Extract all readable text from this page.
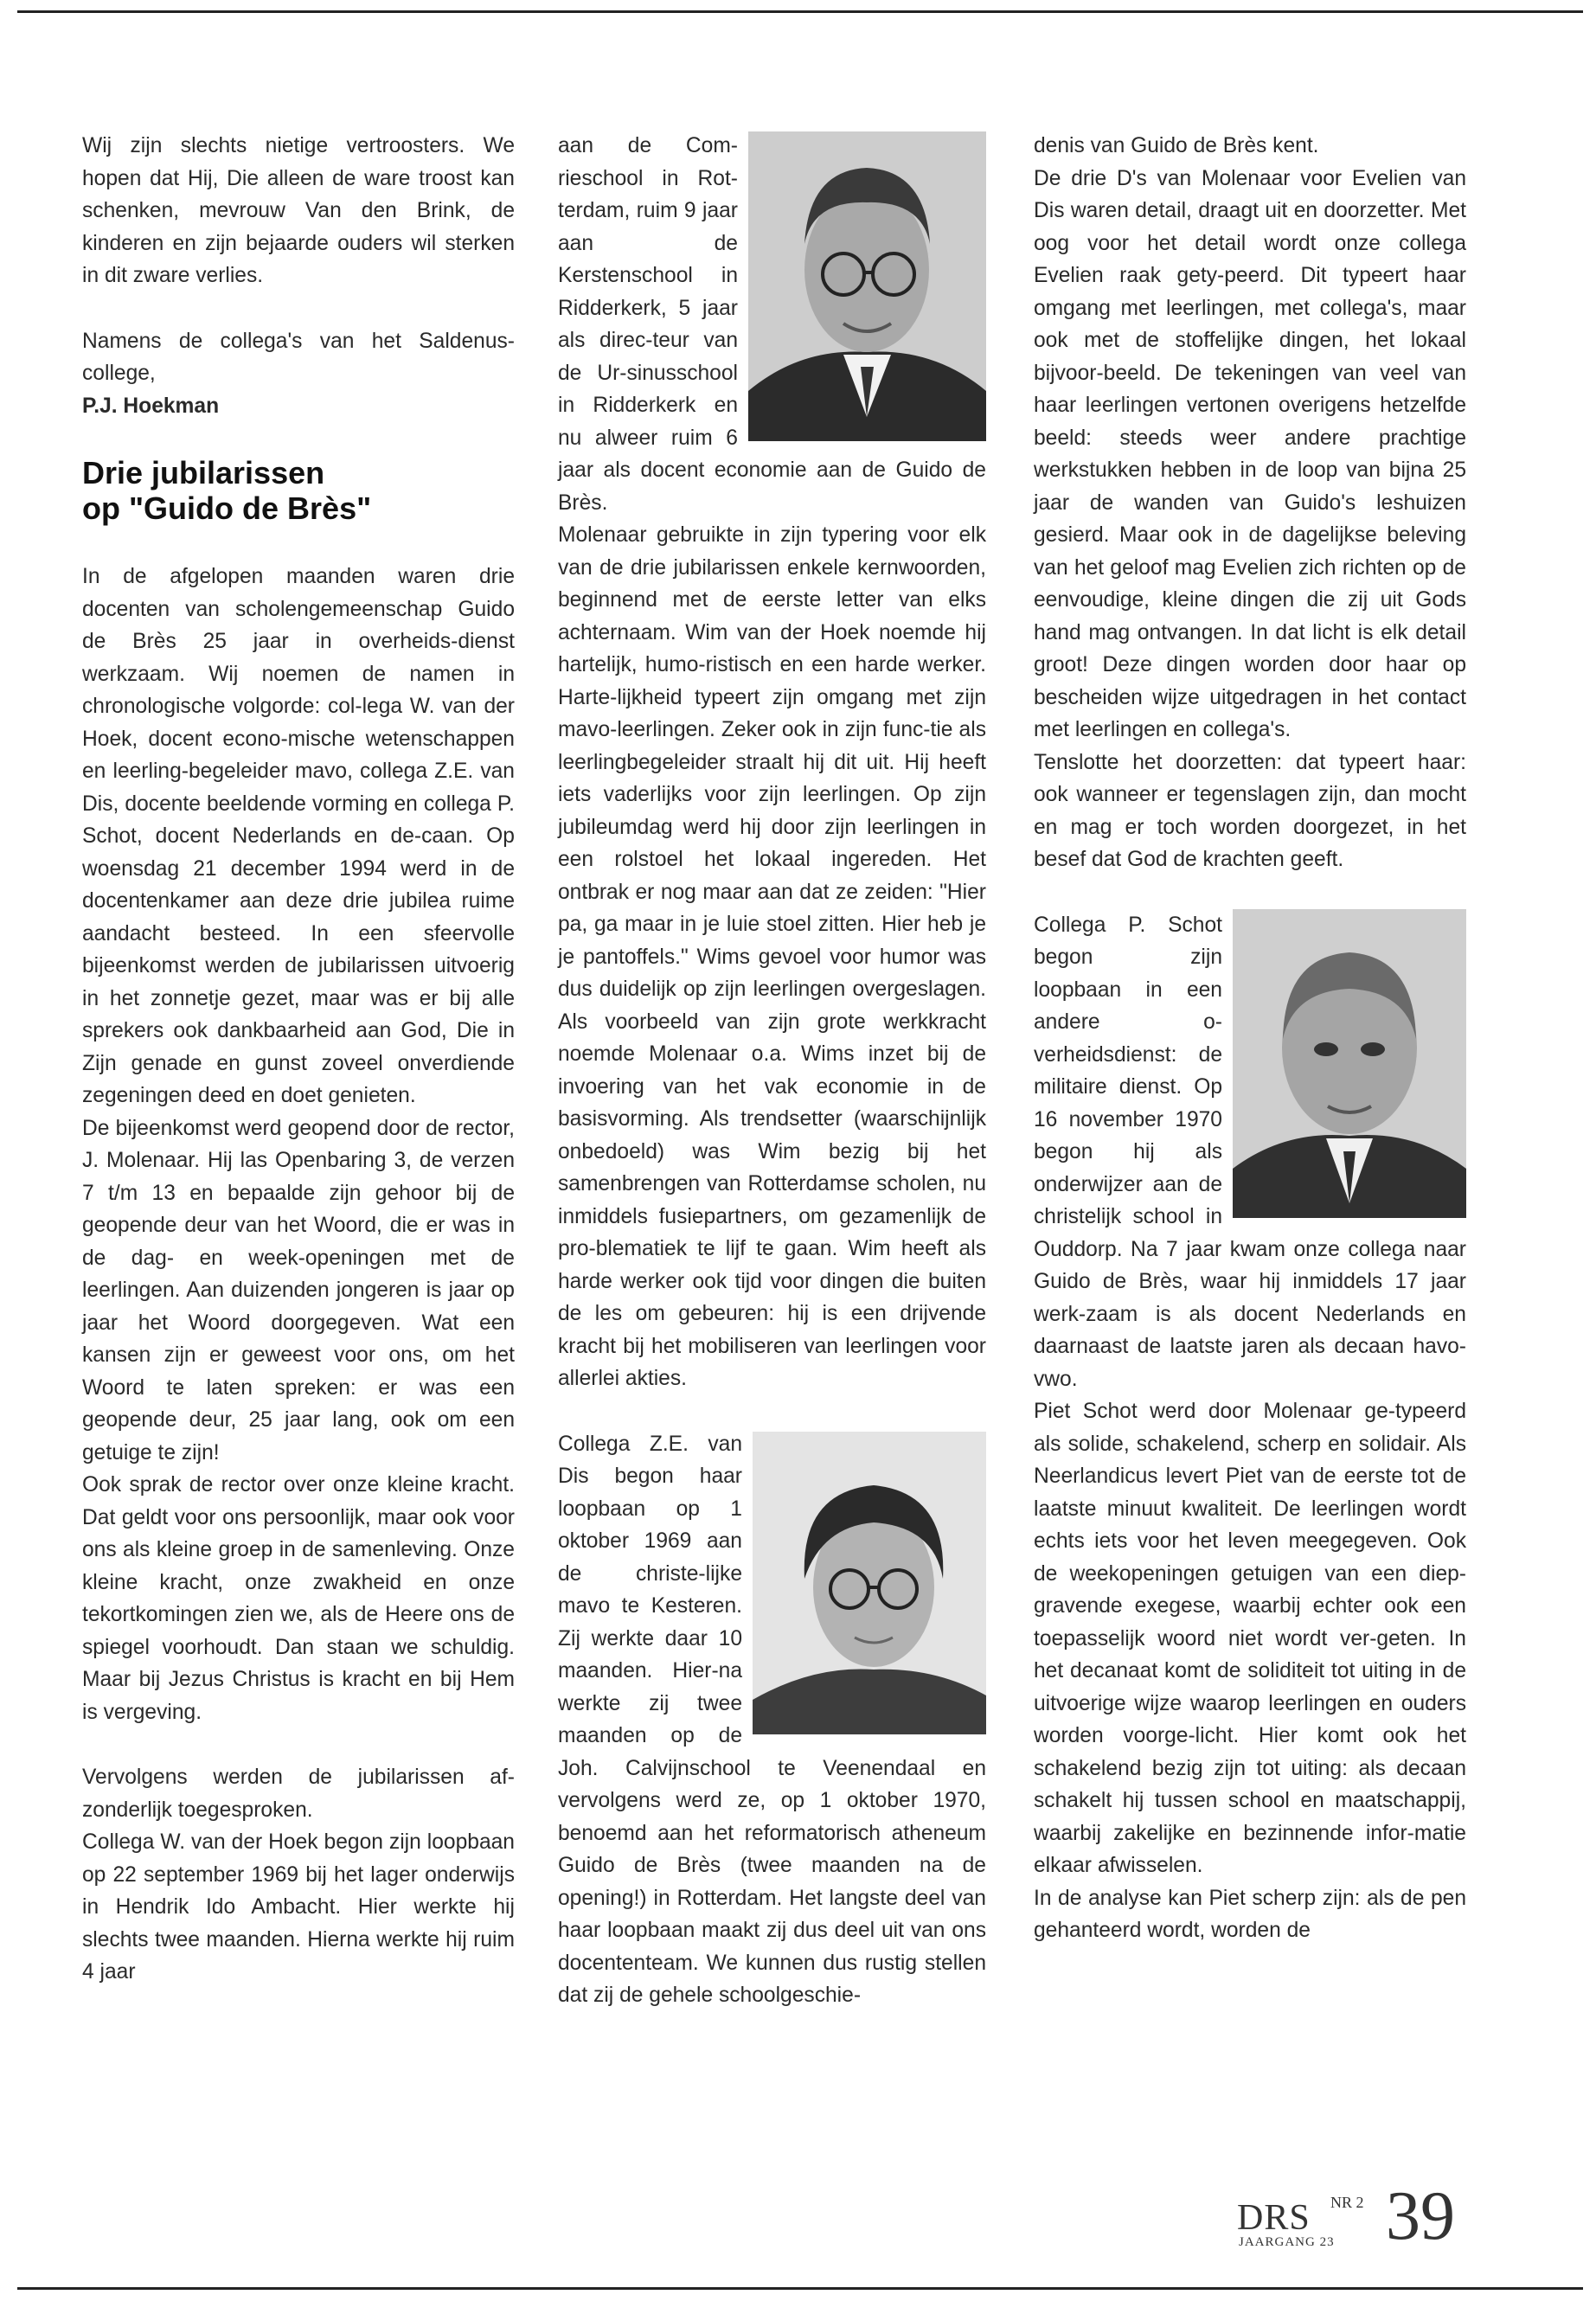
Wij zijn slechts nietige vertroosters. We hopen dat Hij, Die alleen de ware troost kan schenken, mevrouw Van den Brink, de kinderen en zijn bejaarde ouders wil sterken in dit zware verlies.

Namens de collega's van het Saldenus-college,

P.J. Hoekman

Drie jubilarissen
op "Guido de Brès"

In de afgelopen maanden waren drie docenten van scholengemeenschap Guido de Brès 25 jaar in overheids-dienst werkzaam. Wij noemen de namen in chronologische volgorde: col-lega W. van der Hoek, docent econo-mische wetenschappen en leerling-begeleider mavo, collega Z.E. van Dis, docente beeldende vorming en collega P. Schot, docent Nederlands en de-caan. Op woensdag 21 december 1994 werd in de docentenkamer aan deze drie jubilea ruime aandacht besteed. In een sfeervolle bijeenkomst werden de jubilarissen uitvoerig in het zonnetje gezet, maar was er bij alle sprekers ook dankbaarheid aan God, Die in Zijn genade en gunst zoveel onverdiende zegeningen deed en doet genieten.

De bijeenkomst werd geopend door de rector, J. Molenaar. Hij las Openbaring 3, de verzen 7 t/m 13 en bepaalde zijn gehoor bij de geopende deur van het Woord, die er was in de dag- en week-openingen met de leerlingen. Aan duizenden jongeren is jaar op jaar het Woord doorgegeven. Wat een kansen zijn er geweest voor ons, om het Woord te laten spreken: er was een geopende deur, 25 jaar lang, ook om een getuige te zijn!

Ook sprak de rector over onze kleine kracht. Dat geldt voor ons persoonlijk, maar ook voor ons als kleine groep in de samenleving. Onze kleine kracht, onze zwakheid en onze tekortkomingen zien we, als de Heere ons de spiegel voorhoudt. Dan staan we schuldig. Maar bij Jezus Christus is kracht en bij Hem is vergeving.

Vervolgens werden de jubilarissen af-zonderlijk toegesproken.

Collega W. van der Hoek begon zijn loopbaan op 22 september 1969 bij het lager onderwijs in Hendrik Ido Ambacht. Hier werkte hij slechts twee maanden. Hierna werkte hij ruim 4 jaar

aan de Com-rieschool in Rot-terdam, ruim 9 jaar aan de Kerstenschool in Ridderkerk, 5 jaar als direc-teur van de Ur-sinusschool in Ridderkerk en nu alweer ruim 6 jaar als docent economie aan de Guido de Brès.

Molenaar gebruikte in zijn typering voor elk van de drie jubilarissen enkele kernwoorden, beginnend met de eerste letter van elks achternaam. Wim van der Hoek noemde hij hartelijk, humo-ristisch en een harde werker. Harte-lijkheid typeert zijn omgang met zijn mavo-leerlingen. Zeker ook in zijn func-tie als leerlingbegeleider straalt hij dit uit. Hij heeft iets vaderlijks voor zijn leerlingen. Op zijn jubileumdag werd hij door zijn leerlingen in een rolstoel het lokaal ingereden. Het ontbrak er nog maar aan dat ze zeiden: "Hier pa, ga maar in je luie stoel zitten. Hier heb je je pantoffels." Wims gevoel voor humor was dus duidelijk op zijn leerlingen overgeslagen. Als voorbeeld van zijn grote werkkracht noemde Molenaar o.a. Wims inzet bij de invoering van het vak economie in de basisvorming. Als trendsetter (waarschijnlijk onbedoeld) was Wim bezig bij het samenbrengen van Rotterdamse scholen, nu inmiddels fusiepartners, om gezamenlijk de pro-blematiek te lijf te gaan. Wim heeft als harde werker ook tijd voor dingen die buiten de les om gebeuren: hij is een drijvende kracht bij het mobiliseren van leerlingen voor allerlei akties.

Collega Z.E. van Dis begon haar loopbaan op 1 oktober 1969 aan de christe-lijke mavo te Kesteren. Zij werkte daar 10 maanden. Hier-na werkte zij twee maanden op de Joh. Calvijnschool te Veenendaal en vervolgens werd ze, op 1 oktober 1970, benoemd aan het reformatorisch atheneum Guido de Brès (twee maanden na de opening!) in Rotterdam. Het langste deel van haar loopbaan maakt zij dus deel uit van ons docententeam. We kunnen dus rustig stellen dat zij de gehele schoolgeschie-

denis van Guido de Brès kent.

De drie D's van Molenaar voor Evelien van Dis waren detail, draagt uit en doorzetter. Met oog voor het detail wordt onze collega Evelien raak gety-peerd. Dit typeert haar omgang met leerlingen, met collega's, maar ook met de stoffelijke dingen, het lokaal bijvoor-beeld. De tekeningen van veel van haar leerlingen vertonen overigens hetzelfde beeld: steeds weer andere prachtige werkstukken hebben in de loop van bijna 25 jaar de wanden van Guido's leshuizen gesierd. Maar ook in de dagelijkse beleving van het geloof mag Evelien zich richten op de eenvoudige, kleine dingen die zij uit Gods hand mag ontvangen. In dat licht is elk detail groot! Deze dingen worden door haar op bescheiden wijze uitgedragen in het contact met leerlingen en collega's.

Tenslotte het doorzetten: dat typeert haar: ook wanneer er tegenslagen zijn, dan mocht en mag er toch worden doorgezet, in het besef dat God de krachten geeft.

Collega P. Schot begon zijn loopbaan in een andere o-verheidsdienst: de militaire dienst. Op 16 november 1970 begon hij als onderwijzer aan de christelijk school in Ouddorp. Na 7 jaar kwam onze collega naar Guido de Brès, waar hij inmiddels 17 jaar werk-zaam is als docent Nederlands en daarnaast de laatste jaren als decaan havo-vwo.

Piet Schot werd door Molenaar ge-typeerd als solide, schakelend, scherp en solidair. Als Neerlandicus levert Piet van de eerste tot de laatste minuut kwaliteit. De leerlingen wordt echts iets voor het leven meegegeven. Ook de weekopeningen getuigen van een diep-gravende exegese, waarbij echter ook een toepasselijk woord niet wordt ver-geten. In het decanaat komt de soliditeit tot uiting in de uitvoerige wijze waarop leerlingen en ouders worden voorge-licht. Hier komt ook het schakelend bezig zijn tot uiting: als decaan schakelt hij tussen school en maatschappij, waarbij zakelijke en bezinnende infor-matie elkaar afwisselen.

In de analyse kan Piet scherp zijn: als de pen gehanteerd wordt, worden de

DRS NR 2
JAARGANG 23 39
